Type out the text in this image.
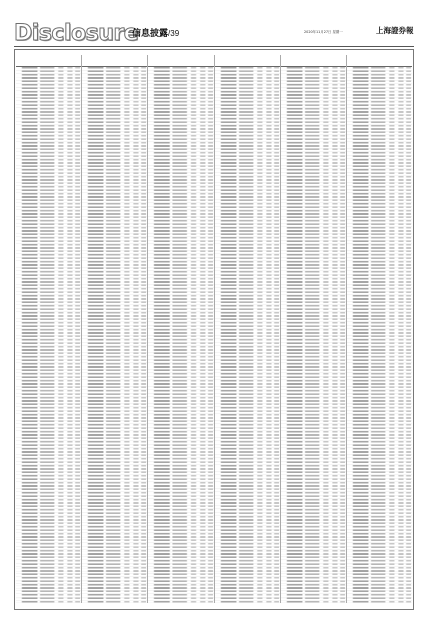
Disclosure
信息披露/39	2020年11月27日 星期一	上海證券報
